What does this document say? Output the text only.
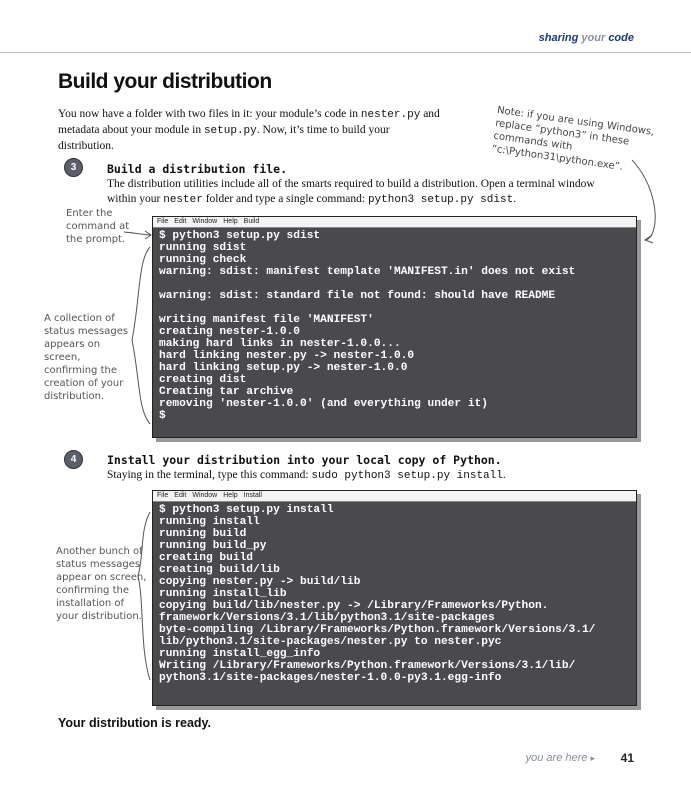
sharing your code
Build your distribution
You now have a folder with two files in it: your module’s code in nester.py and metadata about your module in setup.py. Now, it’s time to build your distribution.
Note: if you are using Windows, replace “python3” in these commands with “c:\Python31\python.exe”.
3	Build a distribution file.
The distribution utilities include all of the smarts required to build a distribution. Open a terminal window within your nester folder and type a single command: python3 setup.py sdist.
Enter the command at the prompt.
A collection of status messages appears on screen, confirming the creation of your distribution.
File Edit Window Help Build
$ python3 setup.py sdist
running sdist
running check
warning: sdist: manifest template 'MANIFEST.in' does not exist
warning: sdist: standard file not found: should have README
writing manifest file 'MANIFEST'
creating nester-1.0.0
making hard links in nester-1.0.0...
hard linking nester.py -> nester-1.0.0
hard linking setup.py -> nester-1.0.0
creating dist
Creating tar archive
removing 'nester-1.0.0' (and everything under it)
$
4	Install your distribution into your local copy of Python.
Staying in the terminal, type this command: sudo python3 setup.py install.
Another bunch of status messages appear on screen, confirming the installation of your distribution.
File Edit Window Help Install
$ python3 setup.py install
running install
running build
running build_py
creating build
creating build/lib
copying nester.py -> build/lib
running install_lib
copying build/lib/nester.py -> /Library/Frameworks/Python.
framework/Versions/3.1/lib/python3.1/site-packages
byte-compiling /Library/Frameworks/Python.framework/Versions/3.1/
lib/python3.1/site-packages/nester.py to nester.pyc
running install_egg_info
Writing /Library/Frameworks/Python.framework/Versions/3.1/lib/
python3.1/site-packages/nester-1.0.0-py3.1.egg-info
Your distribution is ready.
you are here ▸ 41
